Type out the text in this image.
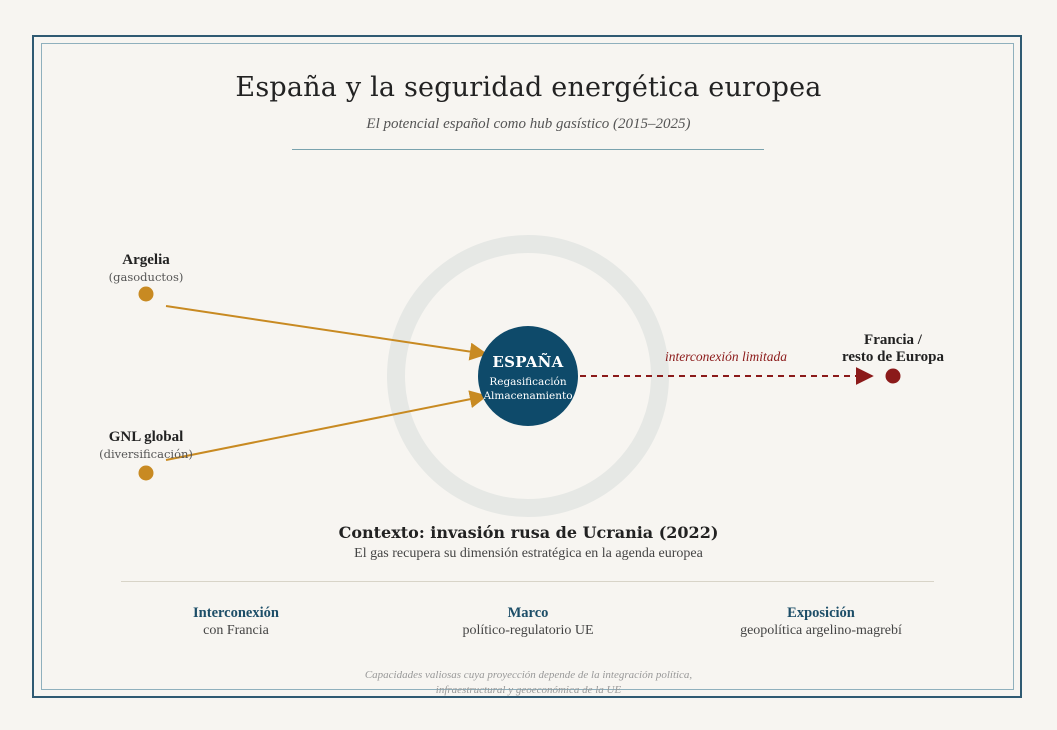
España y la seguridad energética europea
El potencial español como hub gasístico (2015–2025)
Argelia
(gasoductos)
GNL global
(diversificación)
Francia /
resto de Europa
interconexión limitada
ESPAÑA
Regasificación
Almacenamiento
Contexto: invasión rusa de Ucrania (2022)
El gas recupera su dimensión estratégica en la agenda europea
Interconexión
con Francia
Marco
político-regulatorio UE
Exposición
geopolítica argelino-magrebí
Capacidades valiosas cuya proyección depende de la integración política,
infraestructural y geoeconómica de la UE
